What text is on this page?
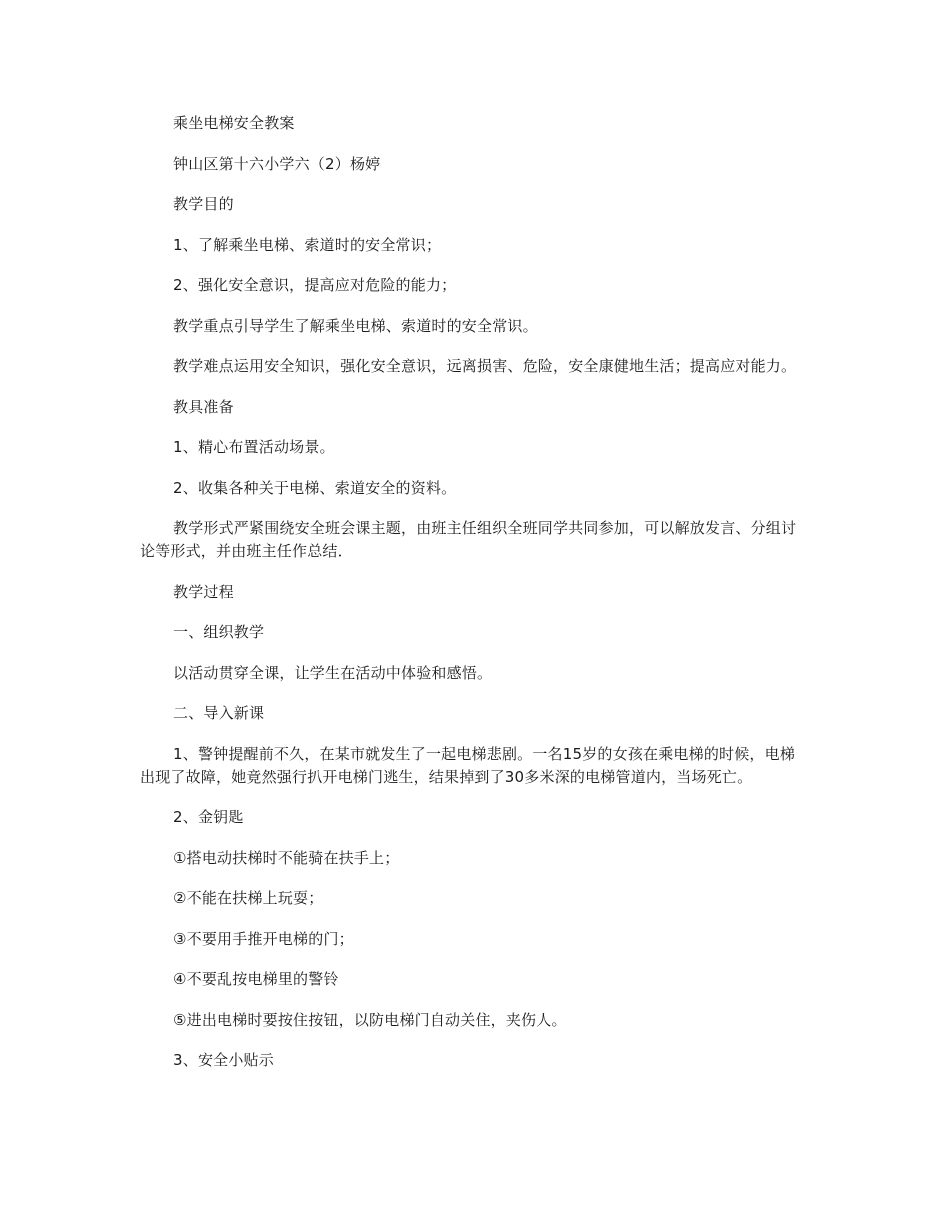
乘坐电梯安全教案

钟山区第十六小学六（2）杨婷

教学目的

1、了解乘坐电梯、索道时的安全常识；

2、强化安全意识，提高应对危险的能力；

教学重点引导学生了解乘坐电梯、索道时的安全常识。

教学难点运用安全知识，强化安全意识，远离损害、危险，安全康健地生活；提高应对能力。

教具准备

1、精心布置活动场景。

2、收集各种关于电梯、索道安全的资料。

教学形式严紧围绕安全班会课主题，由班主任组织全班同学共同参加，可以解放发言、分组讨论等形式，并由班主任作总结．

教学过程

一、组织教学

以活动贯穿全课，让学生在活动中体验和感悟。

二、导入新课

1、警钟提醒前不久，在某市就发生了一起电梯悲剧。一名15岁的女孩在乘电梯的时候，电梯出现了故障，她竟然强行扒开电梯门逃生，结果掉到了30多米深的电梯管道内，当场死亡。

2、金钥匙

①搭电动扶梯时不能骑在扶手上；

②不能在扶梯上玩耍；

③不要用手推开电梯的门；

④不要乱按电梯里的警铃

⑤进出电梯时要按住按钮，以防电梯门自动关住，夹伤人。

3、安全小贴示
